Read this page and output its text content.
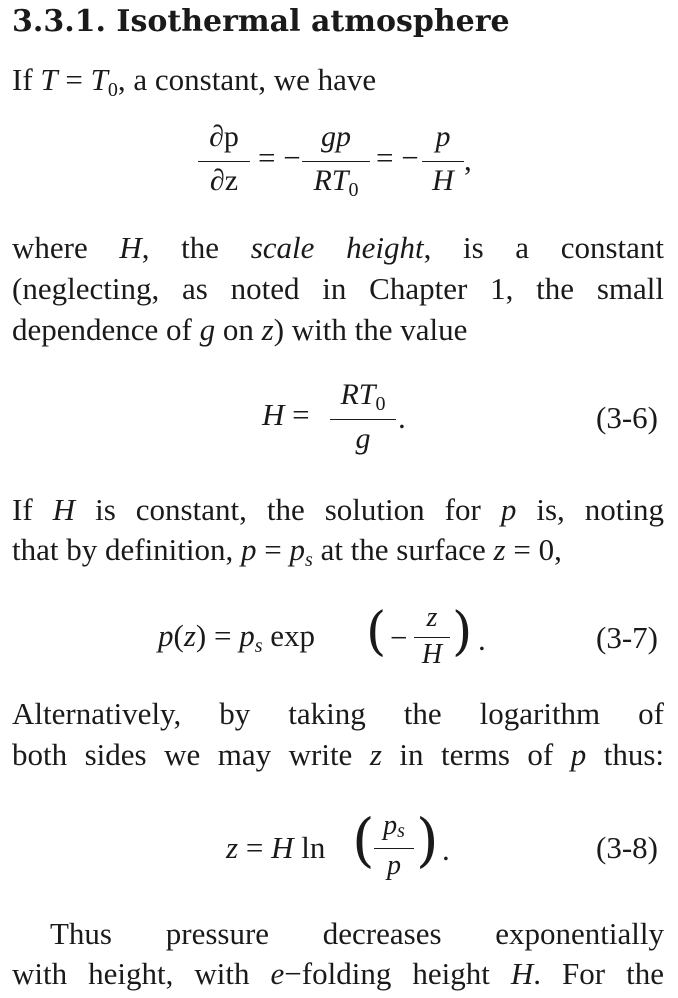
3.3.1. Isothermal atmosphere
If T = T0, a constant, we have
∂p
∂z
= −
gp
$RT_0$
= −
p
H
,
where H, the scale height, is a constant
(neglecting, as noted in Chapter 1, the small
dependence of g on z) with the value
H =
$RT_0$
g
.	(3-6)
If H is constant, the solution for p is, noting
that by definition, p = ps at the surface z = 0,
p(z) = ps exp ( −
z
H ) .	(3-7)
Alternatively, by taking the logarithm of
both sides we may write z in terms of p thus:
z = H ln ( ps
p ) .	(3-8)
Thus pressure decreases exponentially
with height, with e−folding height H. For the
